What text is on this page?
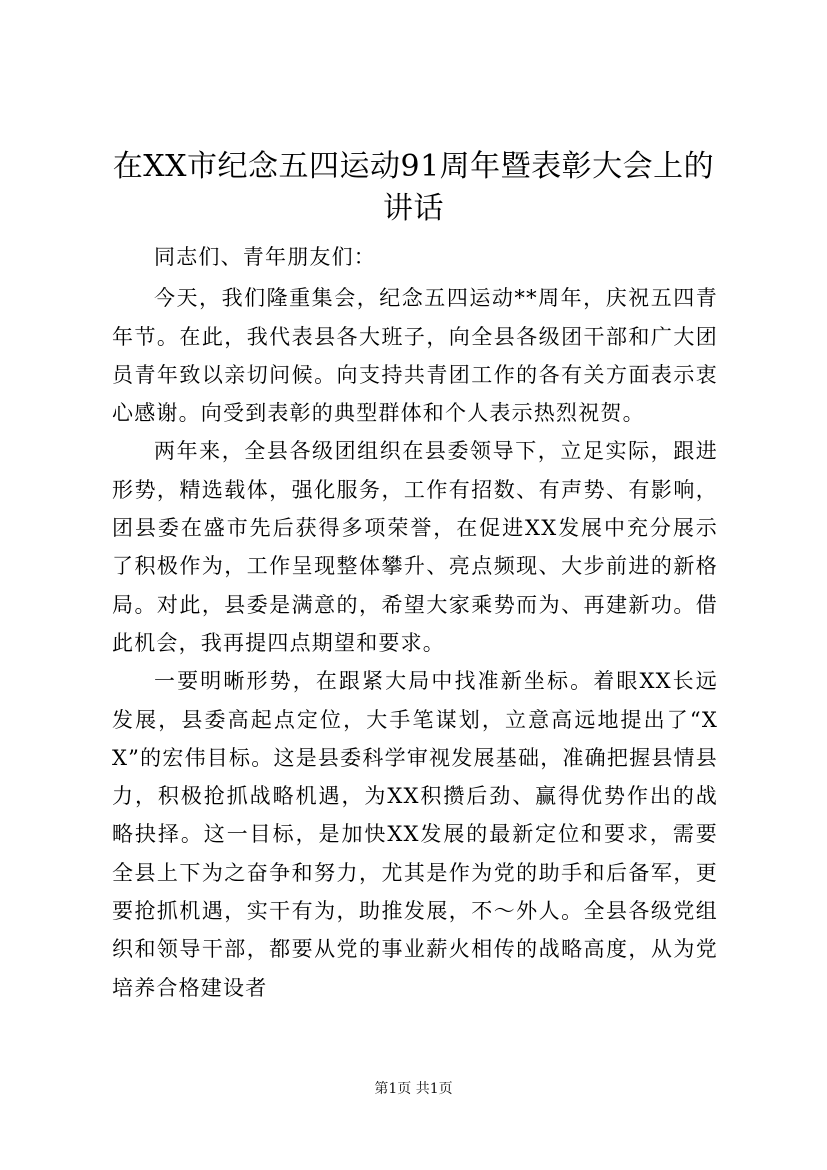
在XX市纪念五四运动91周年暨表彰大会上的讲话

同志们、青年朋友们：

今天，我们隆重集会，纪念五四运动**周年，庆祝五四青年节。在此，我代表县各大班子，向全县各级团干部和广大团员青年致以亲切问候。向支持共青团工作的各有关方面表示衷心感谢。向受到表彰的典型群体和个人表示热烈祝贺。

两年来，全县各级团组织在县委领导下，立足实际，跟进形势，精选载体，强化服务，工作有招数、有声势、有影响，团县委在盛市先后获得多项荣誉，在促进XX发展中充分展示了积极作为，工作呈现整体攀升、亮点频现、大步前进的新格局。对此，县委是满意的，希望大家乘势而为、再建新功。借此机会，我再提四点期望和要求。

一要明晰形势，在跟紧大局中找准新坐标。着眼XX长远发展，县委高起点定位，大手笔谋划，立意高远地提出了“XX”的宏伟目标。这是县委科学审视发展基础，准确把握县情县力，积极抢抓战略机遇，为XX积攒后劲、赢得优势作出的战略抉择。这一目标，是加快XX发展的最新定位和要求，需要全县上下为之奋争和努力，尤其是作为党的助手和后备军，更要抢抓机遇，实干有为，助推发展，不～外人。全县各级党组织和领导干部，都要从党的事业薪火相传的战略高度，从为党培养合格建设者

第1页 共1页
